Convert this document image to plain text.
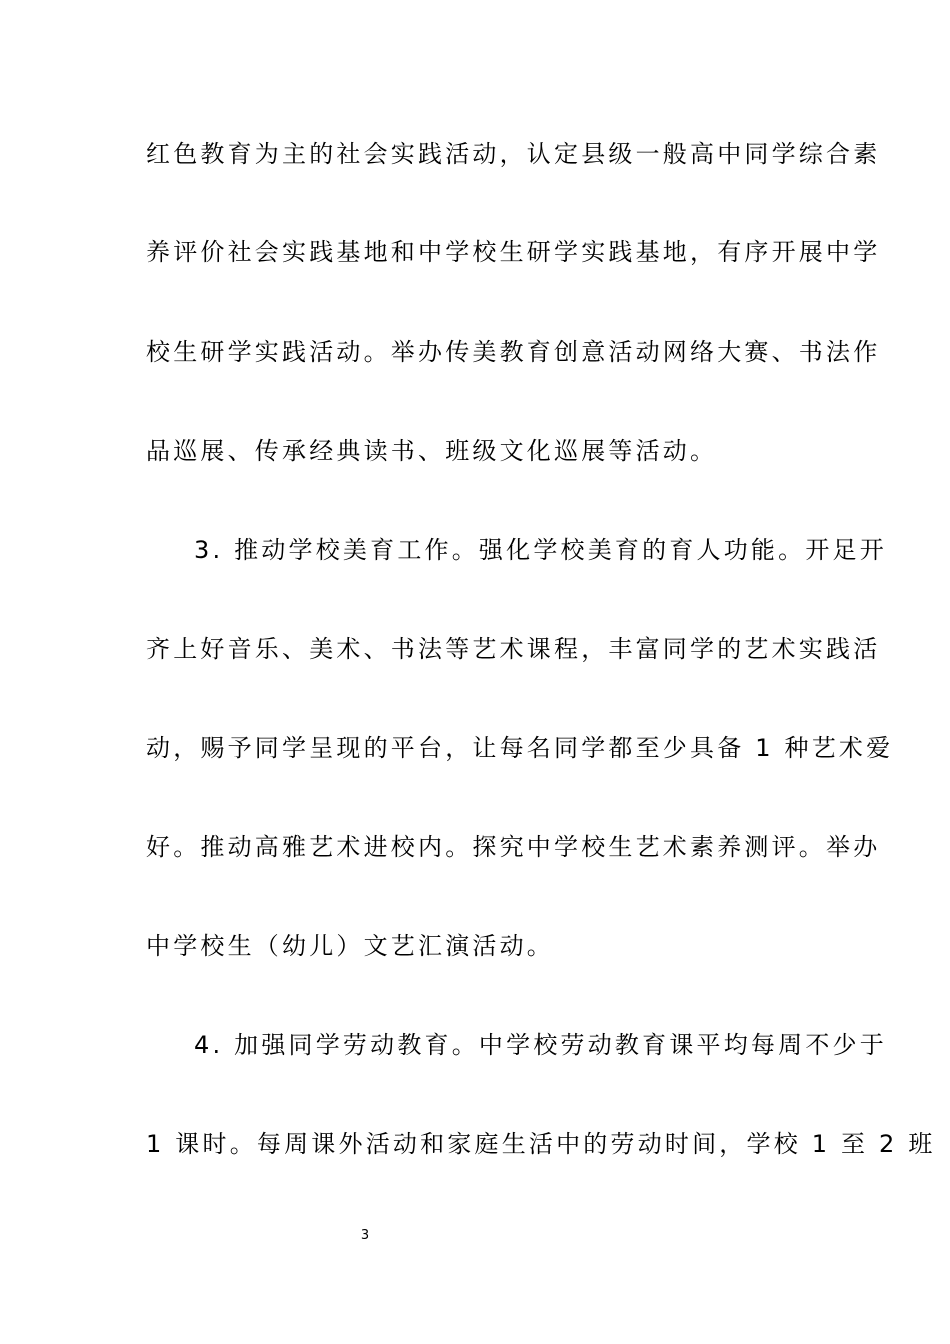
红色教育为主的社会实践活动，认定县级一般高中同学综合素
养评价社会实践基地和中学校生研学实践基地，有序开展中学
校生研学实践活动。举办传美教育创意活动网络大赛、书法作
品巡展、传承经典读书、班级文化巡展等活动。
3. 推动学校美育工作。强化学校美育的育人功能。开足开
齐上好音乐、美术、书法等艺术课程，丰富同学的艺术实践活
动，赐予同学呈现的平台，让每名同学都至少具备 1 种艺术爱
好。推动高雅艺术进校内。探究中学校生艺术素养测评。举办
中学校生（幼儿）文艺汇演活动。
4. 加强同学劳动教育。中学校劳动教育课平均每周不少于
1 课时。每周课外活动和家庭生活中的劳动时间，学校 1 至 2 班
3
